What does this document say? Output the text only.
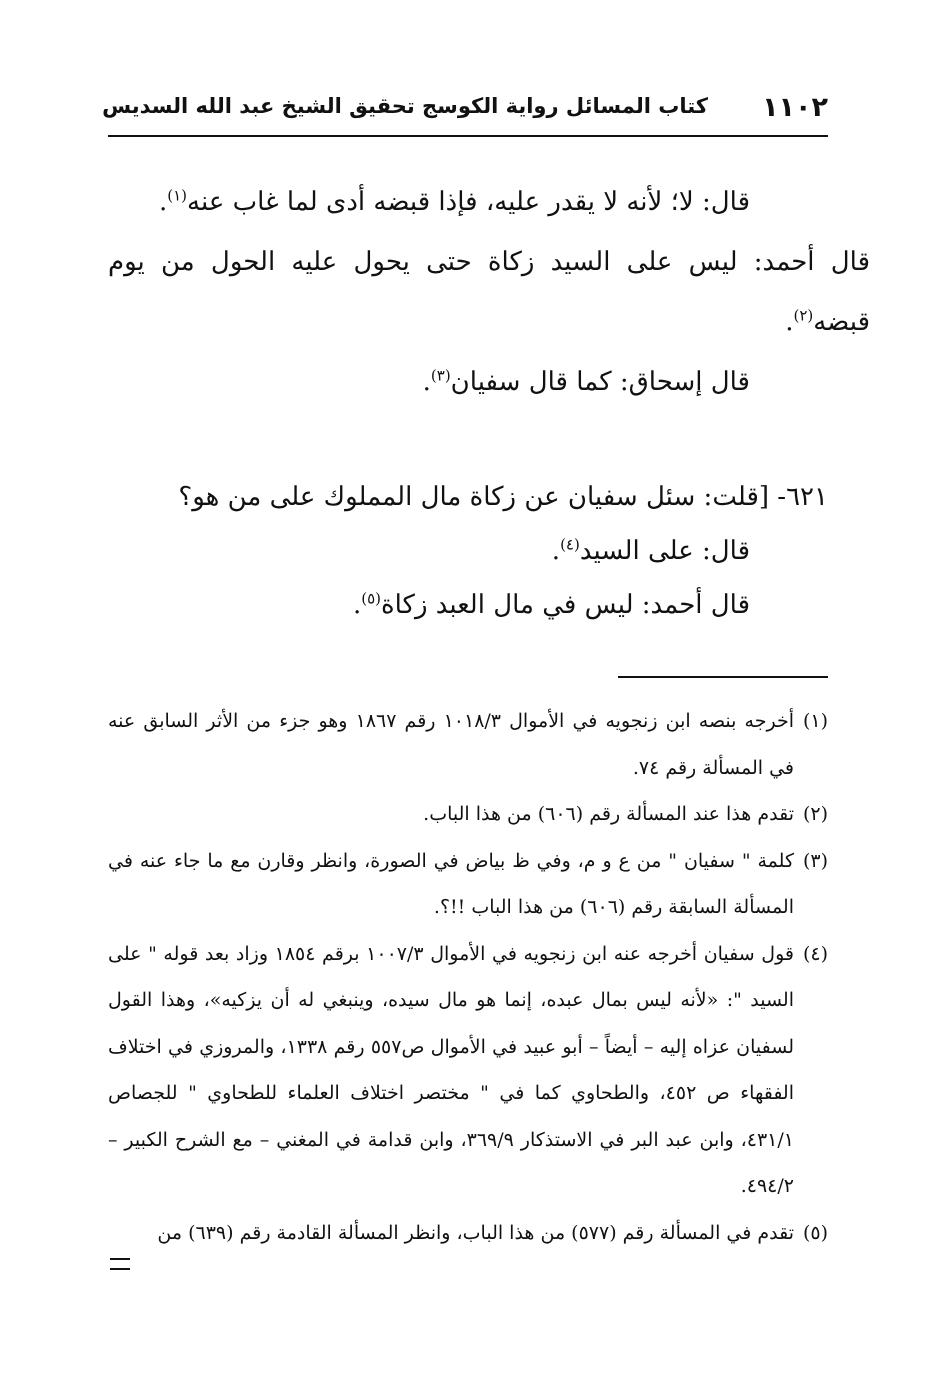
١١٠٢
كتاب المسائل رواية الكوسج تحقيق الشيخ عبد الله السديس

قال: لا؛ لأنه لا يقدر عليه، فإذا قبضه أدى لما غاب عنه$^{(١)}$.

قال أحمد: ليس على السيد زكاة حتى يحول عليه الحول من يوم قبضه$^{(٢)}$.

قال إسحاق: كما قال سفيان$^{(٣)}$.

٦٢١- [قلت: سئل سفيان عن زكاة مال المملوك على من هو؟

قال: على السيد$^{(٤)}$.

قال أحمد: ليس في مال العبد زكاة$^{(٥)}$.

(١)
أخرجه بنصه ابن زنجويه في الأموال ١٠١٨/٣ رقم ١٨٦٧ وهو جزء من الأثر السابق عنه في المسألة رقم ٧٤.

(٢)
تقدم هذا عند المسألة رقم (٦٠٦) من هذا الباب.

(٣)
كلمة " سفيان " من ع و م، وفي ظ بياض في الصورة، وانظر وقارن مع ما جاء عنه في المسألة السابقة رقم (٦٠٦) من هذا الباب !!؟.

(٤)
قول سفيان أخرجه عنه ابن زنجويه في الأموال ١٠٠٧/٣ برقم ١٨٥٤ وزاد بعد قوله " على السيد ": «لأنه ليس بمال عبده، إنما هو مال سيده، وينبغي له أن يزكيه»، وهذا القول لسفيان عزاه إليه – أيضاً – أبو عبيد في الأموال ص٥٥٧ رقم ١٣٣٨، والمروزي في اختلاف الفقهاء ص ٤٥٢، والطحاوي كما في " مختصر اختلاف العلماء للطحاوي " للجصاص ٤٣١/١، وابن عبد البر في الاستذكار ٣٦٩/٩، وابن قدامة في المغني – مع الشرح الكبير – ٤٩٤/٢.

(٥)
تقدم في المسألة رقم (٥٧٧) من هذا الباب، وانظر المسألة القادمة رقم (٦٣٩) من
